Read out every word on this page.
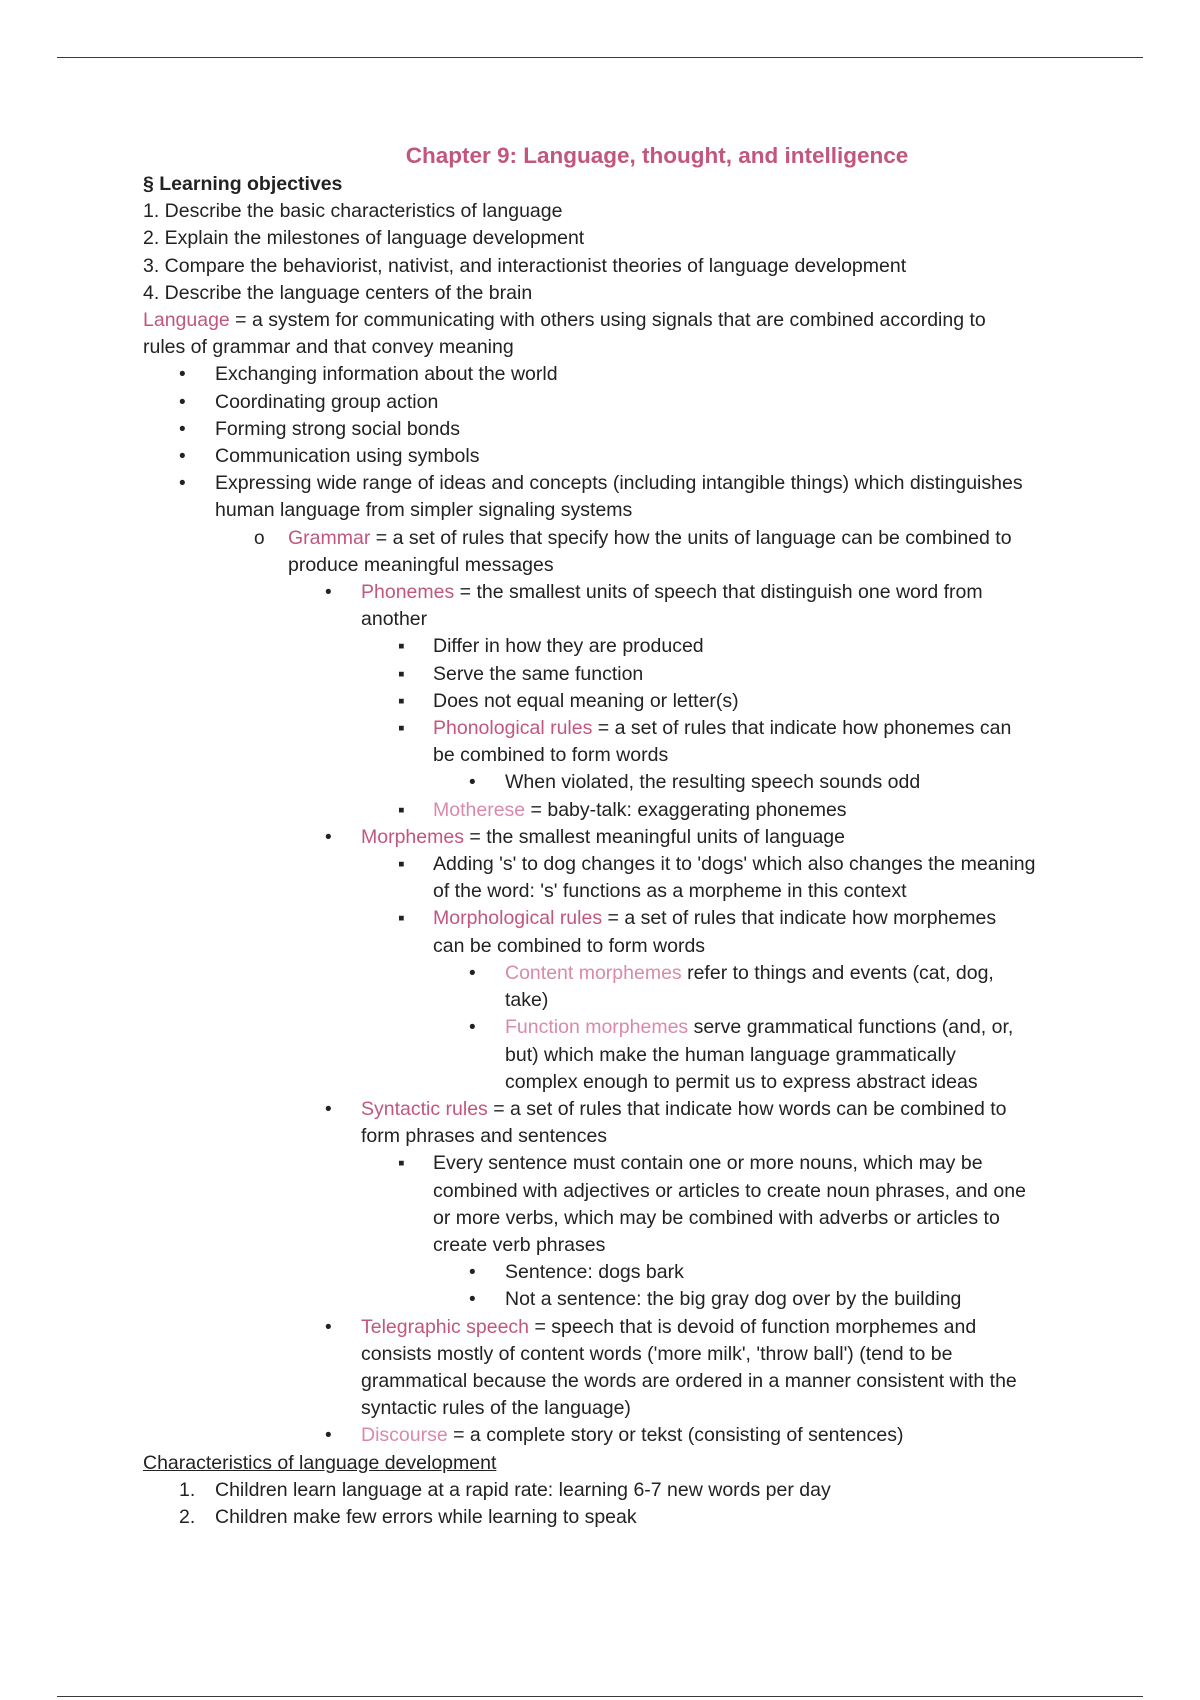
Chapter 9: Language, thought, and intelligence
§ Learning objectives
1. Describe the basic characteristics of language
2. Explain the milestones of language development
3. Compare the behaviorist, nativist, and interactionist theories of language development
4. Describe the language centers of the brain
Language = a system for communicating with others using signals that are combined according to
rules of grammar and that convey meaning
• Exchanging information about the world
• Coordinating group action
• Forming strong social bonds
• Communication using symbols
• Expressing wide range of ideas and concepts (including intangible things) which distinguishes
human language from simpler signaling systems
o Grammar = a set of rules that specify how the units of language can be combined to
produce meaningful messages
• Phonemes = the smallest units of speech that distinguish one word from
another
▪ Differ in how they are produced
▪ Serve the same function
▪ Does not equal meaning or letter(s)
▪ Phonological rules = a set of rules that indicate how phonemes can
be combined to form words
• When violated, the resulting speech sounds odd
▪ Motherese = baby-talk: exaggerating phonemes
• Morphemes = the smallest meaningful units of language
▪ Adding 's' to dog changes it to 'dogs' which also changes the meaning
of the word: 's' functions as a morpheme in this context
▪ Morphological rules = a set of rules that indicate how morphemes
can be combined to form words
• Content morphemes refer to things and events (cat, dog,
take)
• Function morphemes serve grammatical functions (and, or,
but) which make the human language grammatically
complex enough to permit us to express abstract ideas
• Syntactic rules = a set of rules that indicate how words can be combined to
form phrases and sentences
▪ Every sentence must contain one or more nouns, which may be
combined with adjectives or articles to create noun phrases, and one
or more verbs, which may be combined with adverbs or articles to
create verb phrases
• Sentence: dogs bark
• Not a sentence: the big gray dog over by the building
• Telegraphic speech = speech that is devoid of function morphemes and
consists mostly of content words ('more milk', 'throw ball') (tend to be
grammatical because the words are ordered in a manner consistent with the
syntactic rules of the language)
• Discourse = a complete story or tekst (consisting of sentences)
Characteristics of language development
1. Children learn language at a rapid rate: learning 6-7 new words per day
2. Children make few errors while learning to speak
